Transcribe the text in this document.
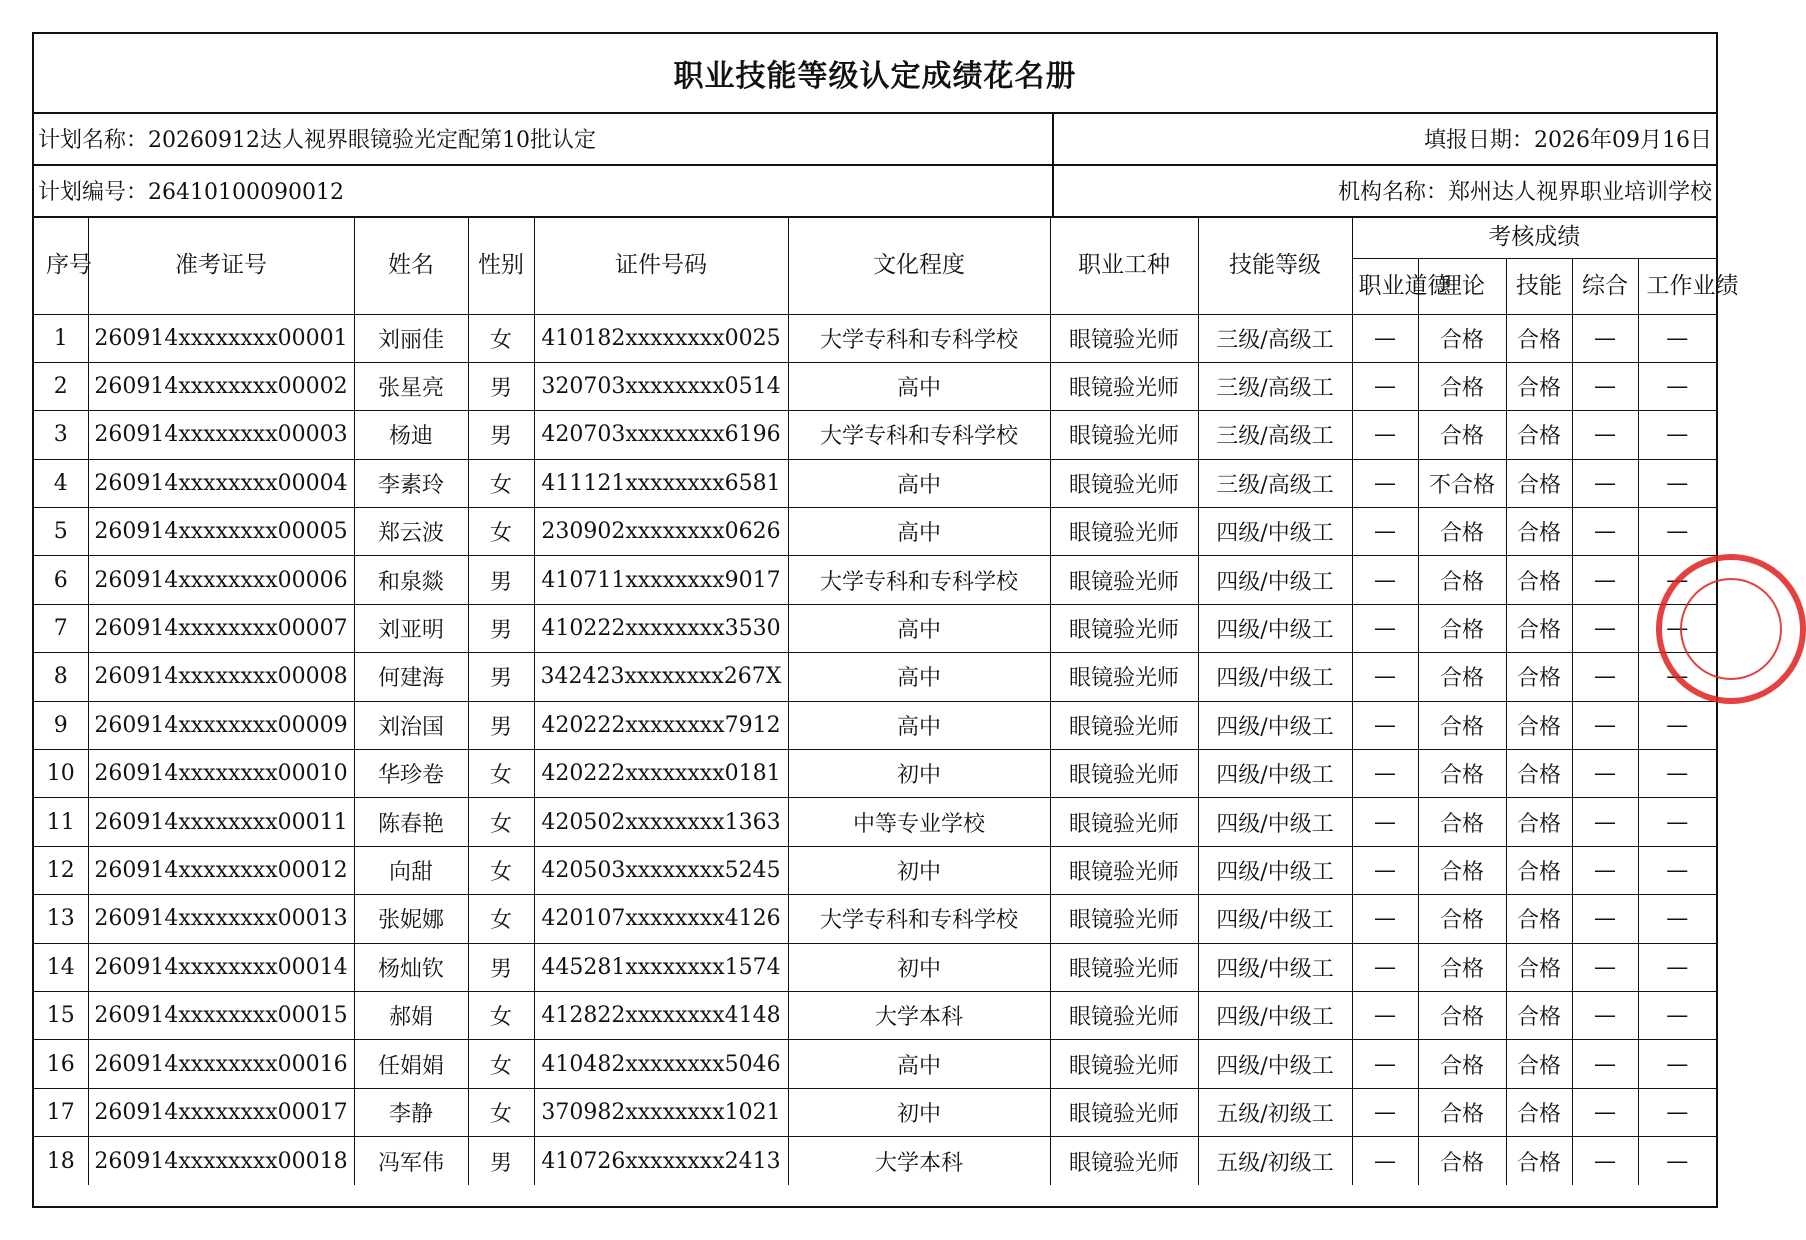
职业技能等级认定成绩花名册
计划名称：20260912达人视界眼镜验光定配第10批认定	填报日期：2026年09月16日
计划编号：26410100090012	机构名称：郑州达人视界职业培训学校
序号	准考证号	姓名	性别	证件号码	文化程度	职业工种	技能等级	考核成绩				
								职业道德	理论	技能	综合	工作业绩
1	260914xxxxxxxx00001	刘丽佳	女	410182xxxxxxxx0025	大学专科和专科学校	眼镜验光师	三级/高级工	—	合格	合格	—	—
2	260914xxxxxxxx00002	张星亮	男	320703xxxxxxxx0514	高中	眼镜验光师	三级/高级工	—	合格	合格	—	—
3	260914xxxxxxxx00003	杨迪	男	420703xxxxxxxx6196	大学专科和专科学校	眼镜验光师	三级/高级工	—	合格	合格	—	—
4	260914xxxxxxxx00004	李素玲	女	411121xxxxxxxx6581	高中	眼镜验光师	三级/高级工	—	不合格	合格	—	—
5	260914xxxxxxxx00005	郑云波	女	230902xxxxxxxx0626	高中	眼镜验光师	四级/中级工	—	合格	合格	—	—
6	260914xxxxxxxx00006	和泉燚	男	410711xxxxxxxx9017	大学专科和专科学校	眼镜验光师	四级/中级工	—	合格	合格	—	—
7	260914xxxxxxxx00007	刘亚明	男	410222xxxxxxxx3530	高中	眼镜验光师	四级/中级工	—	合格	合格	—	—
8	260914xxxxxxxx00008	何建海	男	342423xxxxxxxx267X	高中	眼镜验光师	四级/中级工	—	合格	合格	—	—
9	260914xxxxxxxx00009	刘治国	男	420222xxxxxxxx7912	高中	眼镜验光师	四级/中级工	—	合格	合格	—	—
10	260914xxxxxxxx00010	华珍卷	女	420222xxxxxxxx0181	初中	眼镜验光师	四级/中级工	—	合格	合格	—	—
11	260914xxxxxxxx00011	陈春艳	女	420502xxxxxxxx1363	中等专业学校	眼镜验光师	四级/中级工	—	合格	合格	—	—
12	260914xxxxxxxx00012	向甜	女	420503xxxxxxxx5245	初中	眼镜验光师	四级/中级工	—	合格	合格	—	—
13	260914xxxxxxxx00013	张妮娜	女	420107xxxxxxxx4126	大学专科和专科学校	眼镜验光师	四级/中级工	—	合格	合格	—	—
14	260914xxxxxxxx00014	杨灿钦	男	445281xxxxxxxx1574	初中	眼镜验光师	四级/中级工	—	合格	合格	—	—
15	260914xxxxxxxx00015	郝娟	女	412822xxxxxxxx4148	大学本科	眼镜验光师	四级/中级工	—	合格	合格	—	—
16	260914xxxxxxxx00016	任娟娟	女	410482xxxxxxxx5046	高中	眼镜验光师	四级/中级工	—	合格	合格	—	—
17	260914xxxxxxxx00017	李静	女	370982xxxxxxxx1021	初中	眼镜验光师	五级/初级工	—	合格	合格	—	—
18	260914xxxxxxxx00018	冯军伟	男	410726xxxxxxxx2413	大学本科	眼镜验光师	五级/初级工	—	合格	合格	—	—
